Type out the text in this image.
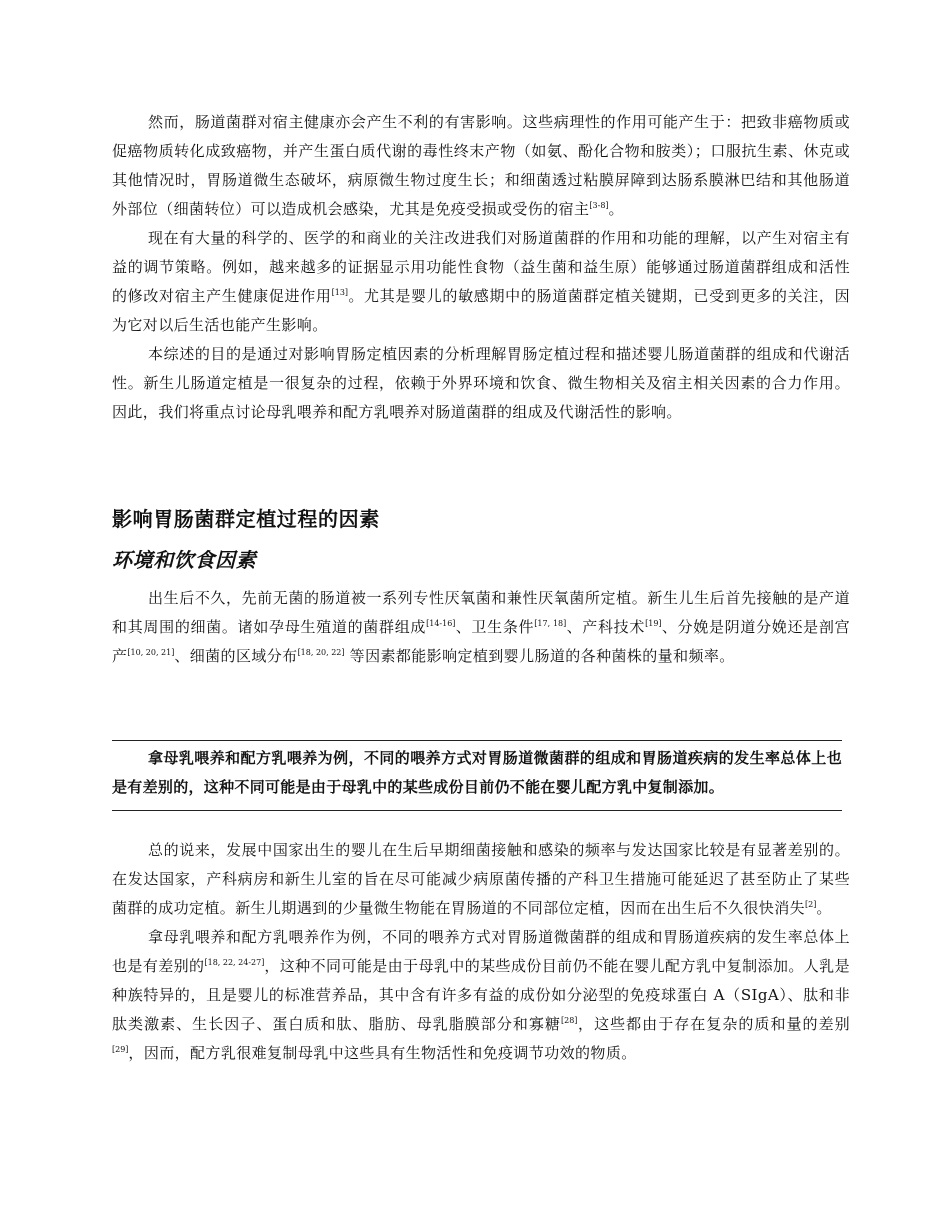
然而，肠道菌群对宿主健康亦会产生不利的有害影响。这些病理性的作用可能产生于：把致非癌物质或促癌物质转化成致癌物，并产生蛋白质代谢的毒性终末产物（如氨、酚化合物和胺类）；口服抗生素、休克或其他情况时，胃肠道微生态破坏，病原微生物过度生长；和细菌透过粘膜屏障到达肠系膜淋巴结和其他肠道外部位（细菌转位）可以造成机会感染，尤其是免疫受损或受伤的宿主[3-8]。

现在有大量的科学的、医学的和商业的关注改进我们对肠道菌群的作用和功能的理解，以产生对宿主有益的调节策略。例如，越来越多的证据显示用功能性食物（益生菌和益生原）能够通过肠道菌群组成和活性的修改对宿主产生健康促进作用[13]。尤其是婴儿的敏感期中的肠道菌群定植关键期，已受到更多的关注，因为它对以后生活也能产生影响。

本综述的目的是通过对影响胃肠定植因素的分析理解胃肠定植过程和描述婴儿肠道菌群的组成和代谢活性。新生儿肠道定植是一很复杂的过程，依赖于外界环境和饮食、微生物相关及宿主相关因素的合力作用。因此，我们将重点讨论母乳喂养和配方乳喂养对肠道菌群的组成及代谢活性的影响。

影响胃肠菌群定植过程的因素
环境和饮食因素

出生后不久，先前无菌的肠道被一系列专性厌氧菌和兼性厌氧菌所定植。新生儿生后首先接触的是产道和其周围的细菌。诸如孕母生殖道的菌群组成[14-16]、卫生条件[17, 18]、产科技术[19]、分娩是阴道分娩还是剖宫产[10, 20, 21]、细菌的区域分布[18, 20, 22] 等因素都能影响定植到婴儿肠道的各种菌株的量和频率。

拿母乳喂养和配方乳喂养为例，不同的喂养方式对胃肠道微菌群的组成和胃肠道疾病的发生率总体上也是有差别的，这种不同可能是由于母乳中的某些成份目前仍不能在婴儿配方乳中复制添加。

总的说来，发展中国家出生的婴儿在生后早期细菌接触和感染的频率与发达国家比较是有显著差别的。在发达国家，产科病房和新生儿室的旨在尽可能减少病原菌传播的产科卫生措施可能延迟了甚至防止了某些菌群的成功定植。新生儿期遇到的少量微生物能在胃肠道的不同部位定植，因而在出生后不久很快消失[2]。

拿母乳喂养和配方乳喂养作为例，不同的喂养方式对胃肠道微菌群的组成和胃肠道疾病的发生率总体上也是有差别的[18, 22, 24-27]，这种不同可能是由于母乳中的某些成份目前仍不能在婴儿配方乳中复制添加。人乳是种族特异的，且是婴儿的标准营养品，其中含有许多有益的成份如分泌型的免疫球蛋白 A（SIgA）、肽和非肽类激素、生长因子、蛋白质和肽、脂肪、母乳脂膜部分和寡糖[28]，这些都由于存在复杂的质和量的差别[29]，因而，配方乳很难复制母乳中这些具有生物活性和免疫调节功效的物质。
